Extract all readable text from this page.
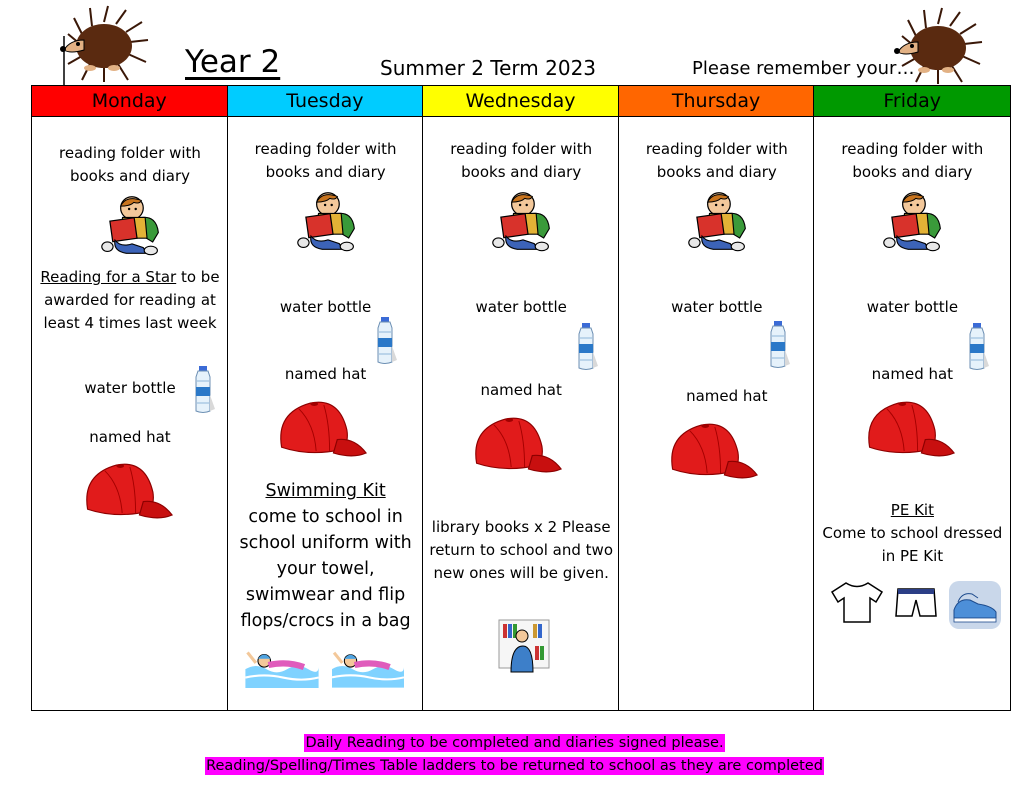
Year 2	Summer 2 Term 2023	Please remember your…
Monday
reading folder with
books and diary
Reading for a Star to be awarded for reading at least 4 times last week
water bottle
named hat
Tuesday
reading folder with
books and diary
water bottle
named hat
Swimming Kit
come to school in school uniform with your towel, swimwear and flip flops/crocs in a bag
Wednesday
reading folder with
books and diary
water bottle
named hat
library books x 2 Please return to school and two new ones will be given.
Thursday
reading folder with
books and diary
water bottle
named hat
Friday
reading folder with
books and diary
water bottle
named hat
PE Kit
Come to school dressed in PE Kit
Daily Reading to be completed and diaries signed please.
Reading/Spelling/Times Table ladders to be returned to school as they are completed
